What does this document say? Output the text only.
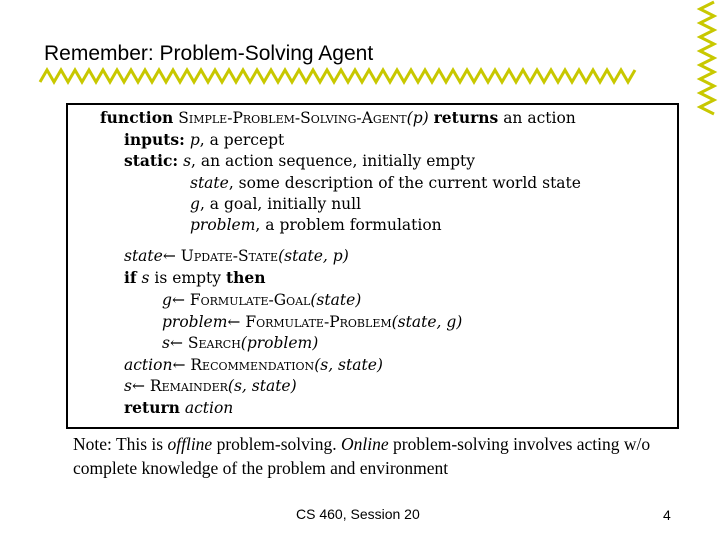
Remember: Problem-Solving Agent
function Simple-Problem-Solving-Agent(p) returns an action
inputs: p, a percept
static: s, an action sequence, initially empty
state, some description of the current world state
g, a goal, initially null
problem, a problem formulation
state← Update-State(state, p)
if s is empty then
g← Formulate-Goal(state)
problem← Formulate-Problem(state, g)
s← Search(problem)
action← Recommendation(s, state)
s← Remainder(s, state)
return action
Note: This is offline problem-solving. Online problem-solving involves acting w/o complete knowledge of the problem and environment
CS 460, Session 20	4
